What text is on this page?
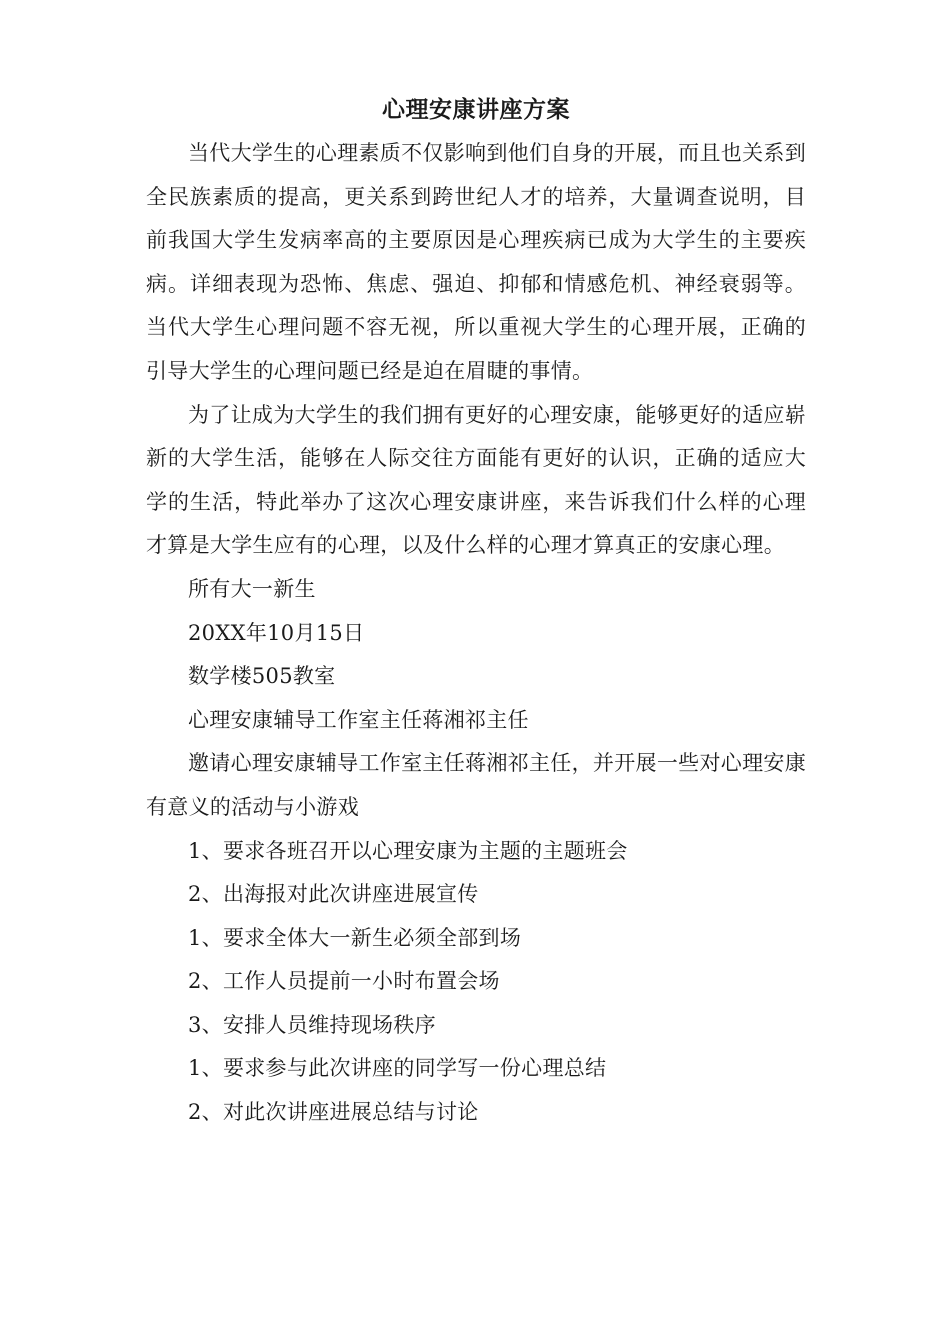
心理安康讲座方案

当代大学生的心理素质不仅影响到他们自身的开展，而且也关系到全民族素质的提高，更关系到跨世纪人才的培养，大量调查说明，目前我国大学生发病率高的主要原因是心理疾病已成为大学生的主要疾病。详细表现为恐怖、焦虑、强迫、抑郁和情感危机、神经衰弱等。当代大学生心理问题不容无视，所以重视大学生的心理开展，正确的引导大学生的心理问题已经是迫在眉睫的事情。

为了让成为大学生的我们拥有更好的心理安康，能够更好的适应崭新的大学生活，能够在人际交往方面能有更好的认识，正确的适应大学的生活，特此举办了这次心理安康讲座，来告诉我们什么样的心理才算是大学生应有的心理，以及什么样的心理才算真正的安康心理。

所有大一新生

20XX年10月15日

数学楼505教室

心理安康辅导工作室主任蒋湘祁主任

邀请心理安康辅导工作室主任蒋湘祁主任，并开展一些对心理安康有意义的活动与小游戏

1、要求各班召开以心理安康为主题的主题班会

2、出海报对此次讲座进展宣传

1、要求全体大一新生必须全部到场

2、工作人员提前一小时布置会场

3、安排人员维持现场秩序

1、要求参与此次讲座的同学写一份心理总结

2、对此次讲座进展总结与讨论
